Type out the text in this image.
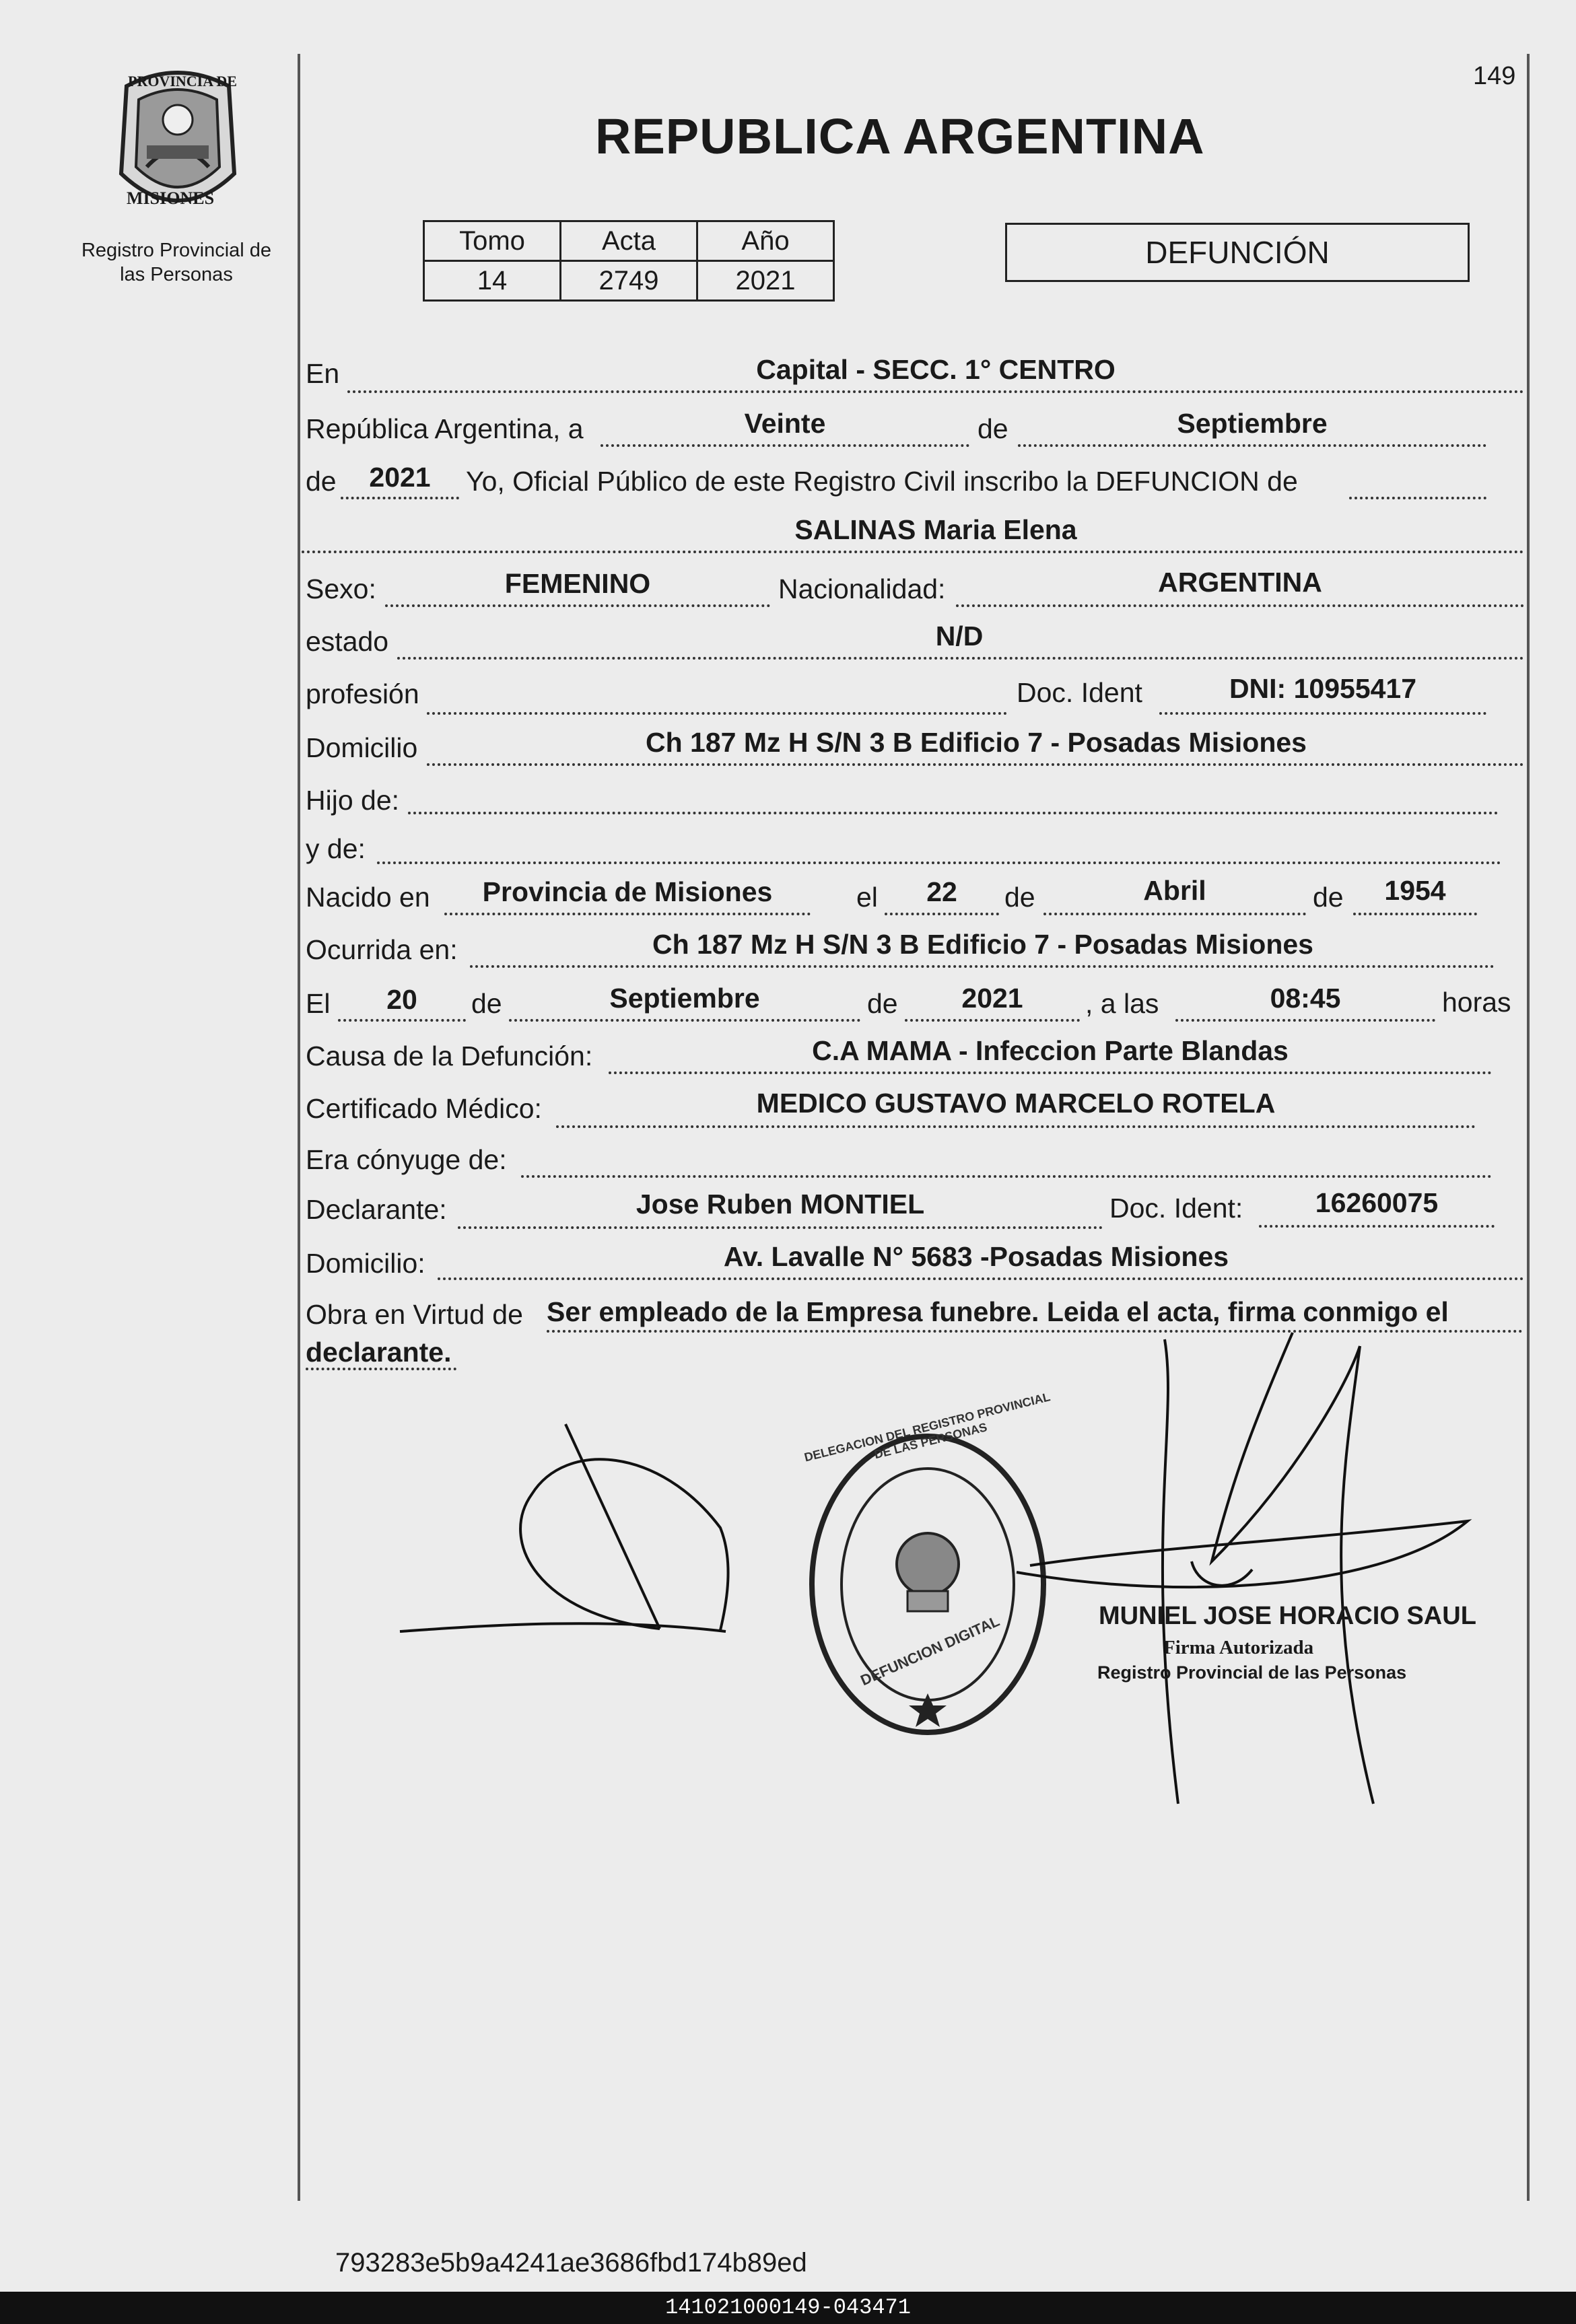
149
PROVINCIA DE
MISIONES
Registro Provincial de
las Personas
REPUBLICA ARGENTINA
Tomo	Acta	Año
14	2749	2021
DEFUNCIÓN
En	Capital - SECC. 1° CENTRO
República Argentina, a	Veinte	de	Septiembre
de	2021	Yo, Oficial Público de este Registro Civil inscribo la DEFUNCION de
SALINAS Maria Elena
Sexo:	FEMENINO	Nacionalidad:	ARGENTINA
estado	N/D
profesión	Doc. Ident	DNI: 10955417
Domicilio	Ch 187 Mz H S/N 3 B Edificio 7 - Posadas Misiones
Hijo de:
y de:
Nacido en	Provincia de Misiones	el	22	de	Abril	de	1954
Ocurrida en:	Ch 187 Mz H S/N 3 B Edificio 7 - Posadas Misiones
El	20	de	Septiembre	de	2021	, a las	08:45	horas
Causa de la Defunción:	C.A MAMA - Infeccion Parte Blandas
Certificado Médico:	MEDICO GUSTAVO MARCELO ROTELA
Era cónyuge de:
Declarante:	Jose Ruben MONTIEL	Doc. Ident:	16260075
Domicilio:	Av. Lavalle N° 5683 -Posadas Misiones
Obra en Virtud de Ser empleado de la Empresa funebre. Leida el acta, firma conmigo el
declarante.
DEFUNCION DIGITAL
DELEGACION DEL REGISTRO PROVINCIAL DE LAS PERSONAS
MUNIEL JOSE HORACIO SAUL
Firma Autorizada
Registro Provincial de las Personas
793283e5b9a4241ae3686fbd174b89ed
141021000149-043471
